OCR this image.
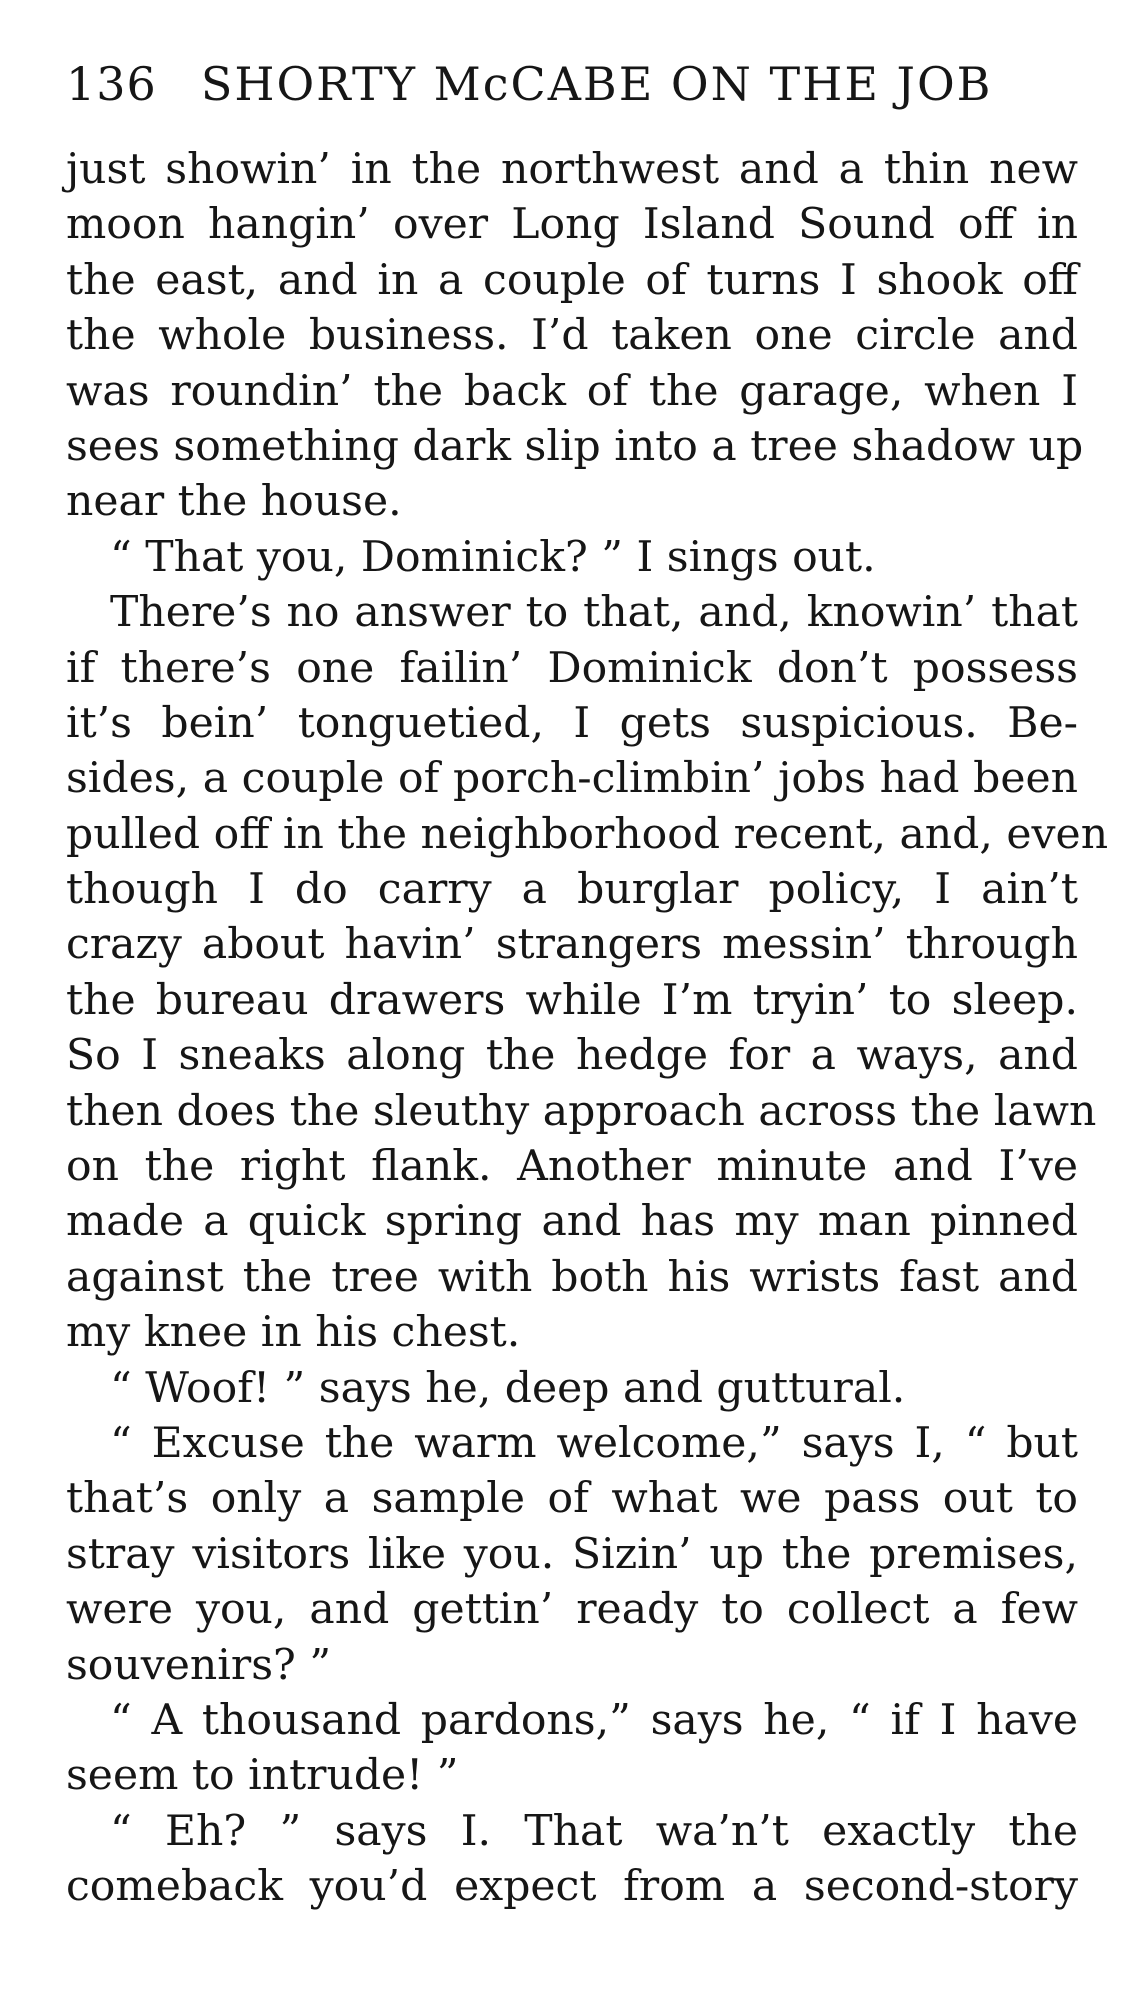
136 SHORTY McCABE ON THE JOB
just showin’ in the northwest and a thin new
moon hangin’ over Long Island Sound off in
the east, and in a couple of turns I shook off
the whole business. I’d taken one circle and
was roundin’ the back of the garage, when I
sees something dark slip into a tree shadow up
near the house.
“ That you, Dominick? ” I sings out.
There’s no answer to that, and, knowin’ that
if there’s one failin’ Dominick don’t possess
it’s bein’ tonguetied, I gets suspicious. Be-
sides, a couple of porch-climbin’ jobs had been
pulled off in the neighborhood recent, and, even
though I do carry a burglar policy, I ain’t
crazy about havin’ strangers messin’ through
the bureau drawers while I’m tryin’ to sleep.
So I sneaks along the hedge for a ways, and
then does the sleuthy approach across the lawn
on the right flank. Another minute and I’ve
made a quick spring and has my man pinned
against the tree with both his wrists fast and
my knee in his chest.
“ Woof! ” says he, deep and guttural.
“ Excuse the warm welcome,” says I, “ but
that’s only a sample of what we pass out to
stray visitors like you. Sizin’ up the premises,
were you, and gettin’ ready to collect a few
souvenirs? ”
“ A thousand pardons,” says he, “ if I have
seem to intrude! ”
“ Eh? ” says I. That wa’n’t exactly the
comeback you’d expect from a second-story
